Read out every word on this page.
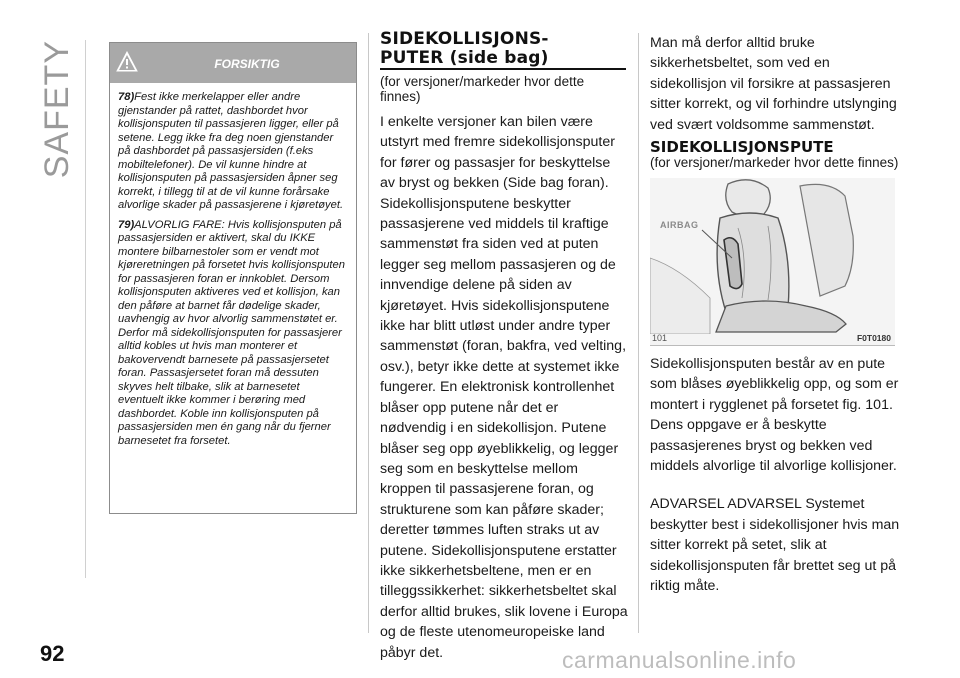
SAFETY	FORSIKTIG

78)Fest ikke merkelapper eller andre gjenstander på rattet, dashbordet hvor kollisjonsputen til passasjeren ligger, eller på setene. Legg ikke fra deg noen gjenstander på dashbordet på passasjersiden (f.eks mobiltelefoner). De vil kunne hindre at kollisjonsputen på passasjersiden åpner seg korrekt, i tillegg til at de vil kunne forårsake alvorlige skader på passasjerene i kjøretøyet.

79)ALVORLIG FARE: Hvis kollisjonsputen på passasjersiden er aktivert, skal du IKKE montere bilbarnestoler som er vendt mot kjøreretningen på forsetet hvis kollisjonsputen for passasjeren foran er innkoblet. Dersom kollisjonsputen aktiveres ved et kollisjon, kan den påføre at barnet får dødelige skader, uavhengig av hvor alvorlig sammenstøtet er. Derfor må sidekollisjonsputen for passasjerer alltid kobles ut hvis man monterer et bakovervendt barnesete på passasjersetet foran. Passasjersetet foran må dessuten skyves helt tilbake, slik at barnesetet eventuelt ikke kommer i berøring med dashbordet. Koble inn kollisjonsputen på passasjersiden men én gang når du fjerner barnesetet fra forsetet.

SIDEKOLLISJONS-
PUTER (side bag)
(for versjoner/markeder hvor dette finnes)
I enkelte versjoner kan bilen være utstyrt med fremre sidekollisjonsputer for fører og passasjer for beskyttelse av bryst og bekken (Side bag foran). Sidekollisjonsputene beskytter passasjerene ved middels til kraftige sammenstøt fra siden ved at puten legger seg mellom passasjeren og de innvendige delene på siden av kjøretøyet. Hvis sidekollisjonsputene ikke har blitt utløst under andre typer sammenstøt (foran, bakfra, ved velting, osv.), betyr ikke dette at systemet ikke fungerer. En elektronisk kontrollenhet blåser opp putene når det er nødvendig i en sidekollisjon. Putene blåser seg opp øyeblikkelig, og legger seg som en beskyttelse mellom kroppen til passasjerene foran, og strukturene som kan påføre skader; deretter tømmes luften straks ut av putene. Sidekollisjonsputene erstatter ikke sikkerhetsbeltene, men er en tilleggssikkerhet: sikkerhetsbeltet skal derfor alltid brukes, slik lovene i Europa og de fleste utenomeuropeiske land påbyr det.
Man må derfor alltid bruke sikkerhetsbeltet, som ved en sidekollisjon vil forsikre at passasjeren sitter korrekt, og vil forhindre utslynging ved svært voldsomme sammenstøt.
SIDEKOLLISJONSPUTE
(for versjoner/markeder hvor dette finnes)
AIRBAG
101	F0T0180
Sidekollisjonsputen består av en pute som blåses øyeblikkelig opp, og som er montert i rygglenet på forsetet fig. 101. Dens oppgave er å beskytte passasjerenes bryst og bekken ved middels alvorlige til alvorlige kollisjoner.
ADVARSEL ADVARSEL Systemet beskytter best i sidekollisjoner hvis man sitter korrekt på setet, slik at sidekollisjonsputen får brettet seg ut på riktig måte.
92	carmanualsonline.info
